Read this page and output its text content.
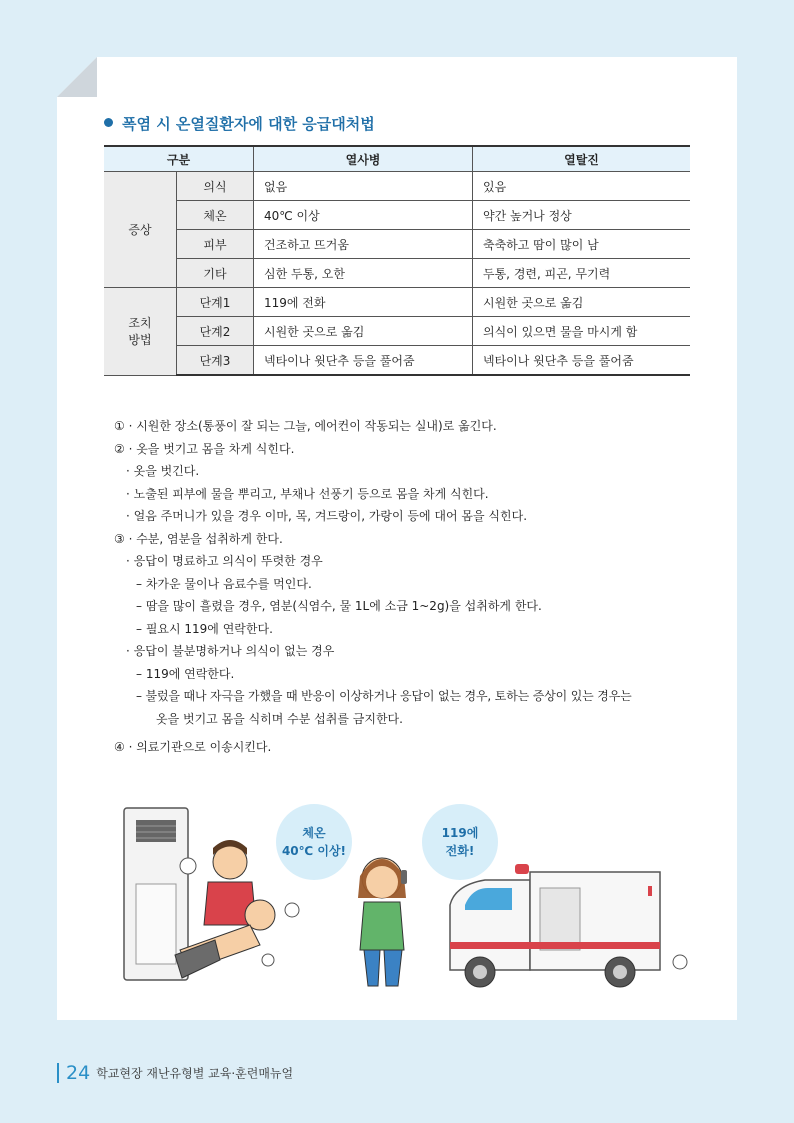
폭염 시 온열질환자에 대한 응급대처법
구분		열사병	열탈진
증상	의식	없음	있음
	체온	40℃ 이상	약간 높거나 정상
	피부	건조하고 뜨거움	축축하고 땀이 많이 남
	기타	심한 두통, 오한	두통, 경련, 피곤, 무기력

조치
방법	단계1	119에 전화	시원한 곳으로 옮김
	단계2	시원한 곳으로 옮김	의식이 있으면 물을 마시게 함
	단계3	넥타이나 윗단추 등을 풀어줌	넥타이나 윗단추 등을 풀어줌
① · 시원한 장소(통풍이 잘 되는 그늘, 에어컨이 작동되는 실내)로 옮긴다.
② · 옷을 벗기고 몸을 차게 식힌다.
· 옷을 벗긴다.
· 노출된 피부에 물을 뿌리고, 부채나 선풍기 등으로 몸을 차게 식힌다.
· 얼음 주머니가 있을 경우 이마, 목, 겨드랑이, 가랑이 등에 대어 몸을 식힌다.
③ · 수분, 염분을 섭취하게 한다.
· 응답이 명료하고 의식이 뚜렷한 경우
– 차가운 물이나 음료수를 먹인다.
– 땀을 많이 흘렸을 경우, 염분(식염수, 물 1L에 소금 1~2g)을 섭취하게 한다.
– 필요시 119에 연락한다.
· 응답이 불분명하거나 의식이 없는 경우
– 119에 연락한다.
– 불렀을 때나 자극을 가했을 때 반응이 이상하거나 응답이 없는 경우, 토하는 증상이 있는 경우는
옷을 벗기고 몸을 식히며 수분 섭취를 금지한다.
④ · 의료기관으로 이송시킨다.
체온
40℃ 이상!
119에
전화!
24 학교현장 재난유형별 교육·훈련매뉴얼
